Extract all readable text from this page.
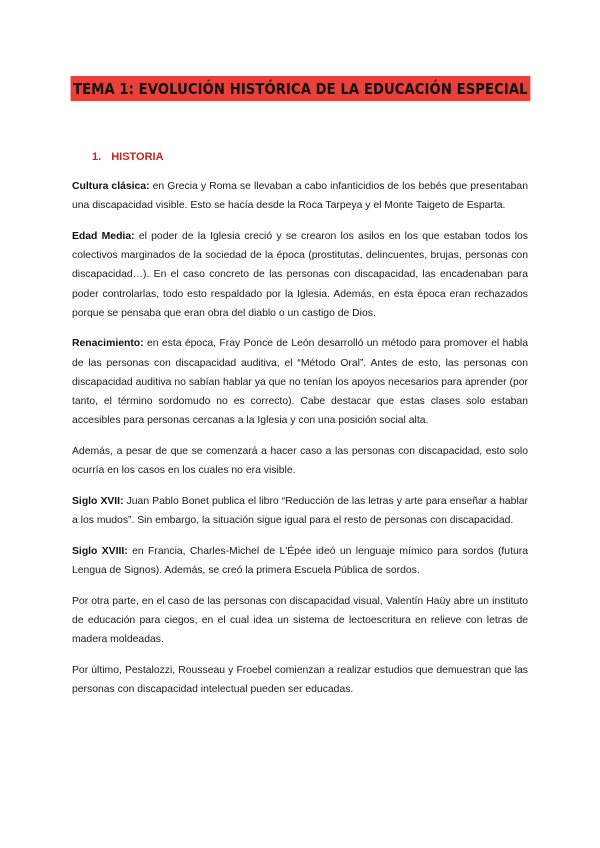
TEMA 1: EVOLUCIÓN HISTÓRICA DE LA EDUCACIÓN ESPECIAL
1. HISTORIA

Cultura clásica: en Grecia y Roma se llevaban a cabo infanticidios de los bebés que presentaban una discapacidad visible. Esto se hacía desde la Roca Tarpeya y el Monte Taigeto de Esparta.

Edad Media: el poder de la Iglesia creció y se crearon los asilos en los que estaban todos los colectivos marginados de la sociedad de la época (prostitutas, delincuentes, brujas, personas con discapacidad…). En el caso concreto de las personas con discapacidad, las encadenaban para poder controlarlas, todo esto respaldado por la Iglesia. Además, en esta época eran rechazados porque se pensaba que eran obra del diablo o un castigo de Dios.

Renacimiento: en esta época, Fray Ponce de León desarrolló un método para promover el habla de las personas con discapacidad auditiva, el “Método Oral”. Antes de esto, las personas con discapacidad auditiva no sabían hablar ya que no tenían los apoyos necesarios para aprender (por tanto, el término sordomudo no es correcto). Cabe destacar que estas clases solo estaban accesibles para personas cercanas a la Iglesia y con una posición social alta.

Además, a pesar de que se comenzará a hacer caso a las personas con discapacidad, esto solo ocurría en los casos en los cuales no era visible.

Siglo XVII: Juan Pablo Bonet publica el libro “Reducción de las letras y arte para enseñar a hablar a los mudos”. Sin embargo, la situación sigue igual para el resto de personas con discapacidad.

Siglo XVIII: en Francia, Charles-Michel de L'Épée ideó un lenguaje mímico para sordos (futura Lengua de Signos). Además, se creó la primera Escuela Pública de sordos.

Por otra parte, en el caso de las personas con discapacidad visual, Valentín Haüy abre un instituto de educación para ciegos, en el cual idea un sistema de lectoescritura en relieve con letras de madera moldeadas.

Por último, Pestalozzi, Rousseau y Froebel comienzan a realizar estudios que demuestran que las personas con discapacidad intelectual pueden ser educadas.
